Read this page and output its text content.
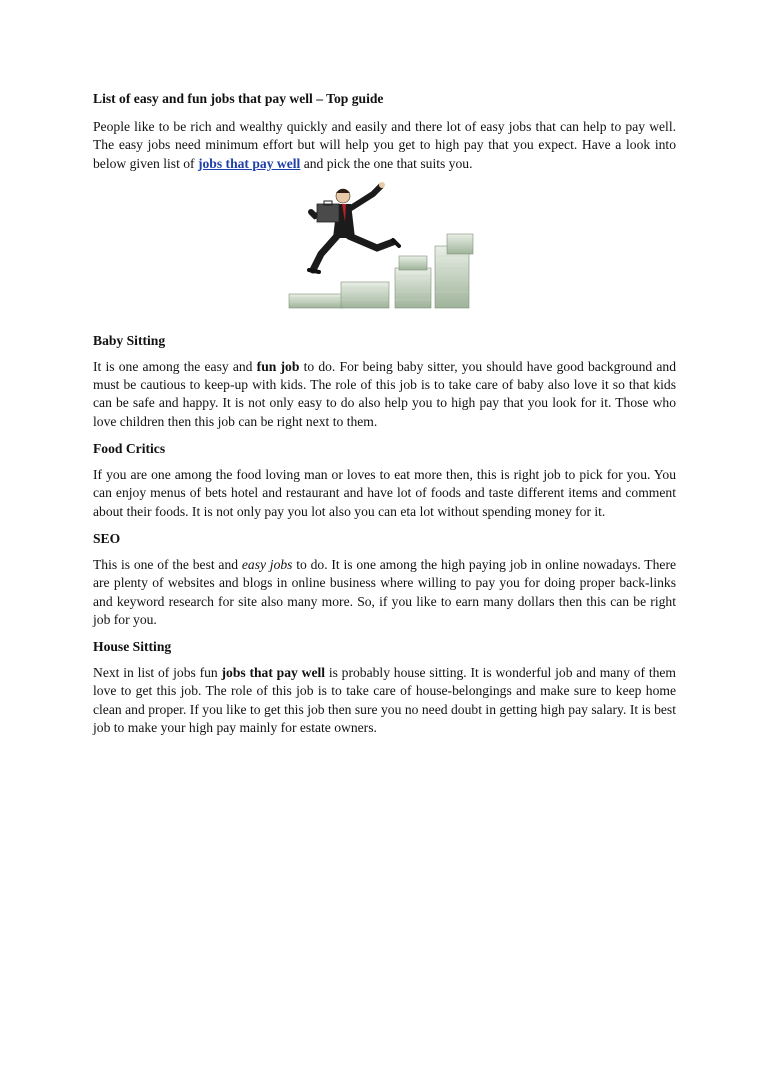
List of easy and fun jobs that pay well – Top guide

People like to be rich and wealthy quickly and easily and there lot of easy jobs that can help to pay well. The easy jobs need minimum effort but will help you get to high pay that you expect. Have a look into below given list of jobs that pay well and pick the one that suits you.

Baby Sitting

It is one among the easy and fun job to do. For being baby sitter, you should have good background and must be cautious to keep-up with kids. The role of this job is to take care of baby also love it so that kids can be safe and happy. It is not only easy to do also help you to high pay that you look for it. Those who love children then this job can be right next to them.

Food Critics

If you are one among the food loving man or loves to eat more then, this is right job to pick for you. You can enjoy menus of bets hotel and restaurant and have lot of foods and taste different items and comment about their foods. It is not only pay you lot also you can eta lot without spending money for it.

SEO

This is one of the best and easy jobs to do. It is one among the high paying job in online nowadays. There are plenty of websites and blogs in online business where willing to pay you for doing proper back-links and keyword research for site also many more. So, if you like to earn many dollars then this can be right job for you.

House Sitting

Next in list of jobs fun jobs that pay well is probably house sitting. It is wonderful job and many of them love to get this job. The role of this job is to take care of house-belongings and make sure to keep home clean and proper. If you like to get this job then sure you no need doubt in getting high pay salary. It is best job to make your high pay mainly for estate owners.
